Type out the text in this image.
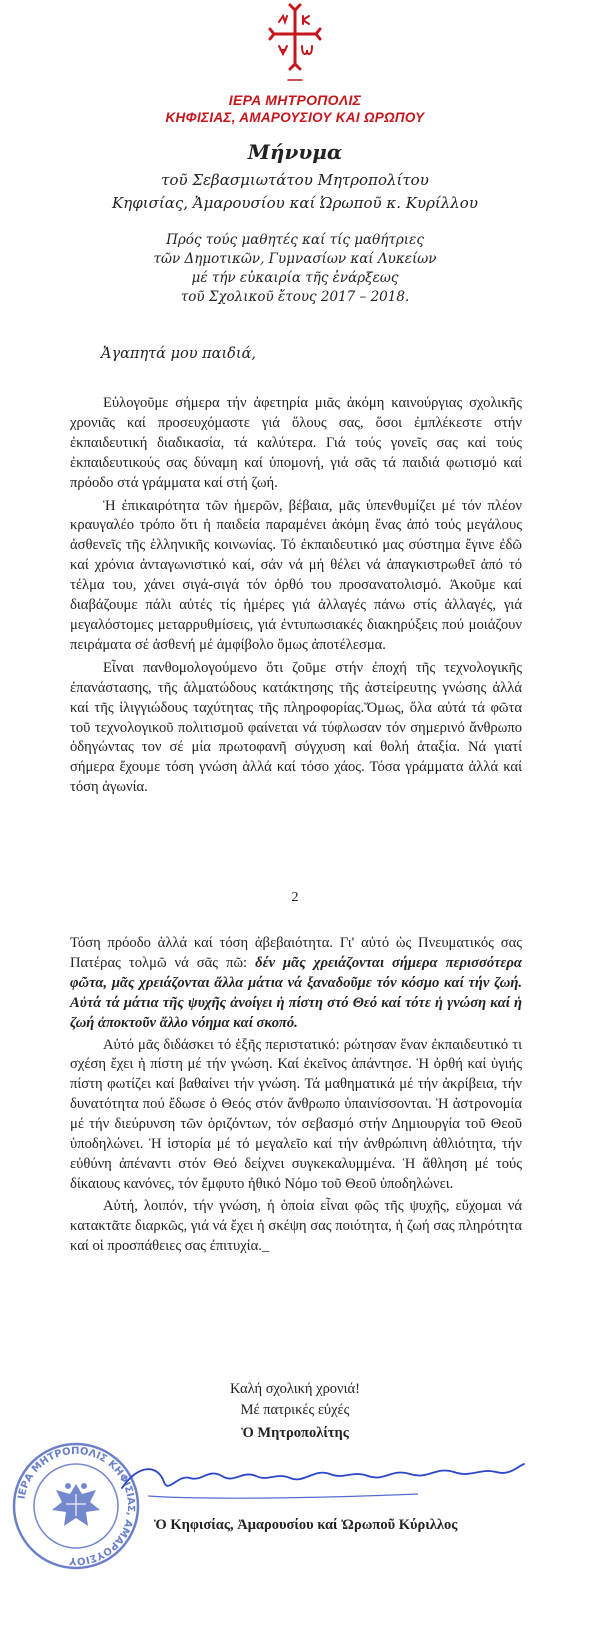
ΙΕΡΑ ΜΗΤΡΟΠΟΛΙΣ
ΚΗΦΙΣΙΑΣ, ΑΜΑΡΟΥΣΙΟΥ ΚΑΙ ΩΡΩΠΟΥ
Μήνυμα
τοῦ Σεβασμιωτάτου Μητροπολίτου
Κηφισίας, Ἀμαρουσίου καί Ὠρωποῦ κ. Κυρίλλου
Πρός τούς μαθητές καί τίς μαθήτριες
τῶν Δημοτικῶν, Γυμνασίων καί Λυκείων
μέ τήν εὐκαιρία τῆς ἐνάρξεως
τοῦ Σχολικοῦ ἔτους 2017 – 2018.
Ἀγαπητά μου παιδιά,

Εὐλογοῦμε σήμερα τήν ἀφετηρία μιᾶς ἀκόμη καινούργιας σχολικῆς χρονιᾶς καί προσευχόμαστε γιά ὅλους σας, ὅσοι ἐμπλέκεστε στήν ἐκπαιδευτική διαδικασία, τά καλύτερα. Γιά τούς γονεῖς σας καί τούς ἐκπαιδευτικούς σας δύναμη καί ὑπομονή, γιά σᾶς τά παιδιά φωτισμό καί πρόοδο στά γράμματα καί στή ζωή.

Ἡ ἐπικαιρότητα τῶν ἡμερῶν, βέβαια, μᾶς ὑπενθυμίζει μέ τόν πλέον κραυγαλέο τρόπο ὅτι ἡ παιδεία παραμένει ἀκόμη ἕνας ἀπό τούς μεγάλους ἀσθενεῖς τῆς ἑλληνικῆς κοινωνίας. Τό ἐκπαιδευτικό μας σύστημα ἔγινε ἐδῶ καί χρόνια ἀνταγωνιστικό καί, σάν νά μή θέλει νά ἀπαγκιστρωθεῖ ἀπό τό τέλμα του, χάνει σιγά-σιγά τόν ὀρθό του προσανατολισμό. Ἀκοῦμε καί διαβάζουμε πάλι αὐτές τίς ἡμέρες γιά ἀλλαγές πάνω στίς ἀλλαγές, γιά μεγαλόστομες μεταρρυθμίσεις, γιά ἐντυπωσιακές διακηρύξεις πού μοιάζουν πειράματα σέ ἀσθενή μέ ἀμφίβολο ὅμως ἀποτέλεσμα.

Εἶναι πανθομολογούμενο ὅτι ζοῦμε στήν ἐποχή τῆς τεχνολογικῆς ἐπανάστασης, τῆς ἁλματώδους κατάκτησης τῆς ἀστείρευτης γνώσης ἀλλά καί τῆς ἰλιγγιώδους ταχύτητας τῆς πληροφορίας.Ὅμως, ὅλα αὐτά τά φῶτα τοῦ τεχνολογικοῦ πολιτισμοῦ φαίνεται νά τύφλωσαν τόν σημερινό ἄνθρωπο ὁδηγώντας τον σέ μία πρωτοφανῆ σύγχυση καί θολή ἀταξία. Νά γιατί σήμερα ἔχουμε τόση γνώση ἀλλά καί τόσο χάος. Τόσα γράμματα ἀλλά καί τόση ἀγωνία.

2

Τόση πρόοδο ἀλλά καί τόση ἀβεβαιότητα. Γι' αὐτό ὡς Πνευματικός σας Πατέρας τολμῶ νά σᾶς πῶ: δέν μᾶς χρειάζονται σήμερα περισσότερα φῶτα, μᾶς χρειάζονται ἄλλα μάτια νά ξαναδοῦμε τόν κόσμο καί τήν ζωή. Αὐτά τά μάτια τῆς ψυχῆς ἀνοίγει ἡ πίστη στό Θεό καί τότε ἡ γνώση καί ἡ ζωή ἀποκτοῦν ἄλλο νόημα καί σκοπό.

Αὐτό μᾶς διδάσκει τό ἑξῆς περιστατικό: ρώτησαν ἕναν ἐκπαιδευτικό τι σχέση ἔχει ἡ πίστη μέ τήν γνώση. Καί ἐκεῖνος ἀπάντησε. Ἡ ὀρθή καί ὑγιής πίστη φωτίζει καί βαθαίνει τήν γνώση. Τά μαθηματικά μέ τήν ἀκρίβεια, τήν δυνατότητα πού ἔδωσε ὁ Θεός στόν ἄνθρωπο ὑπαινίσσονται. Ἡ ἀστρονομία μέ τήν διεύρυνση τῶν ὁριζόντων, τόν σεβασμό στήν Δημιουργία τοῦ Θεοῦ ὑποδηλώνει. Ἡ ἱστορία μέ τό μεγαλεῖο καί τήν ἀνθρώπινη ἀθλιότητα, τήν εὐθύνη ἀπέναντι στόν Θεό δείχνει συγκεκαλυμμένα. Ἡ ἄθληση μέ τούς δίκαιους κανόνες, τόν ἔμφυτο ἠθικό Νόμο τοῦ Θεοῦ ὑποδηλώνει.

Αὐτή, λοιπόν, τήν γνώση, ἡ ὁποία εἶναι φῶς τῆς ψυχῆς, εὔχομαι νά κατακτᾶτε διαρκῶς, γιά νά ἔχει ἡ σκέψη σας ποιότητα, ἡ ζωή σας πληρότητα καί οἱ προσπάθειες σας ἐπιτυχία._

Καλή σχολική χρονιά!
Μέ πατρικές εὐχές
Ὁ Μητροπολίτης
ΙΕΡΑ ΜΗΤΡΟΠΟΛΙΣ ΚΗΦΙΣΙΑΣ, ΑΜΑΡΟΥΣΙΟΥ
Ὁ Κηφισίας, Ἀμαρουσίου καί Ὠρωποῦ Κύριλλος
